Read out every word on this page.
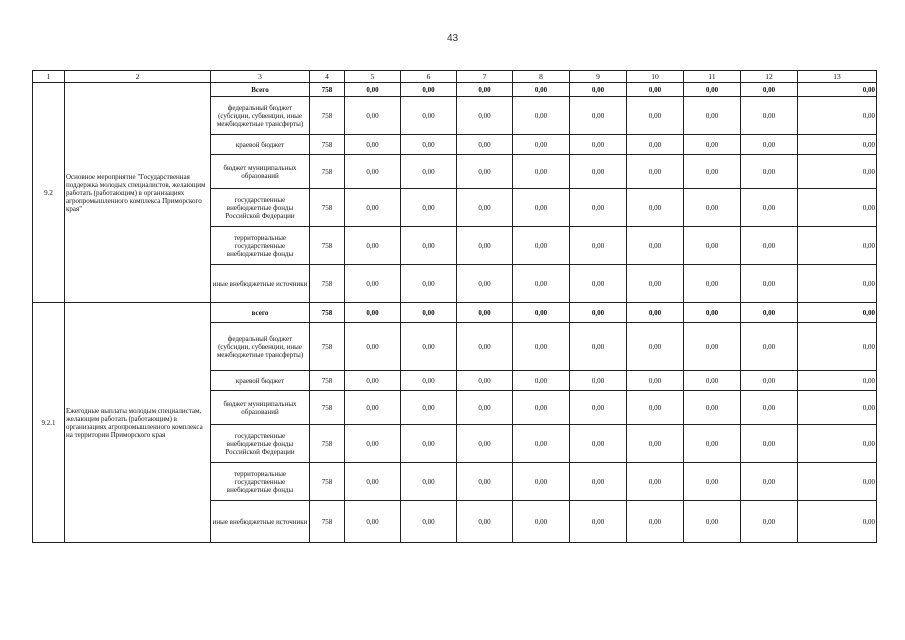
43
1	2	3	4	5	6	7	8	9	10	11	12	13
9.2	Основное мероприятие "Государственная поддержка молодых специалистов, желающим работать (работающим) в организациях агропромышленного комплекса Приморского края"	Всего	758	0,00	0,00	0,00	0,00	0,00	0,00	0,00	0,00	0,00
		федеральный бюджет (субсидии, субвенции, иные межбюджетные трансферты)	758	0,00	0,00	0,00	0,00	0,00	0,00	0,00	0,00	0,00
		краевой бюджет	758	0,00	0,00	0,00	0,00	0,00	0,00	0,00	0,00	0,00
		бюджет муниципальных образований	758	0,00	0,00	0,00	0,00	0,00	0,00	0,00	0,00	0,00
		государственные внебюджетные фонды Российской Федерации	758	0,00	0,00	0,00	0,00	0,00	0,00	0,00	0,00	0,00
		территориальные государственные внебюджетные фонды	758	0,00	0,00	0,00	0,00	0,00	0,00	0,00	0,00	0,00
		иные внебюджетные источники	758	0,00	0,00	0,00	0,00	0,00	0,00	0,00	0,00	0,00
9.2.1	Ежегодные выплаты молодым специалистам, желающим работать (работающим) в организациях агропромышленного комплекса на территории Приморского края	всего	758	0,00	0,00	0,00	0,00	0,00	0,00	0,00	0,00	0,00
		федеральный бюджет (субсидии, субвенции, иные межбюджетные трансферты)	758	0,00	0,00	0,00	0,00	0,00	0,00	0,00	0,00	0,00
		краевой бюджет	758	0,00	0,00	0,00	0,00	0,00	0,00	0,00	0,00	0,00
		бюджет муниципальных образований	758	0,00	0,00	0,00	0,00	0,00	0,00	0,00	0,00	0,00
		государственные внебюджетные фонды Российской Федерации	758	0,00	0,00	0,00	0,00	0,00	0,00	0,00	0,00	0,00
		территориальные государственные внебюджетные фонды	758	0,00	0,00	0,00	0,00	0,00	0,00	0,00	0,00	0,00
		иные внебюджетные источники	758	0,00	0,00	0,00	0,00	0,00	0,00	0,00	0,00	0,00
